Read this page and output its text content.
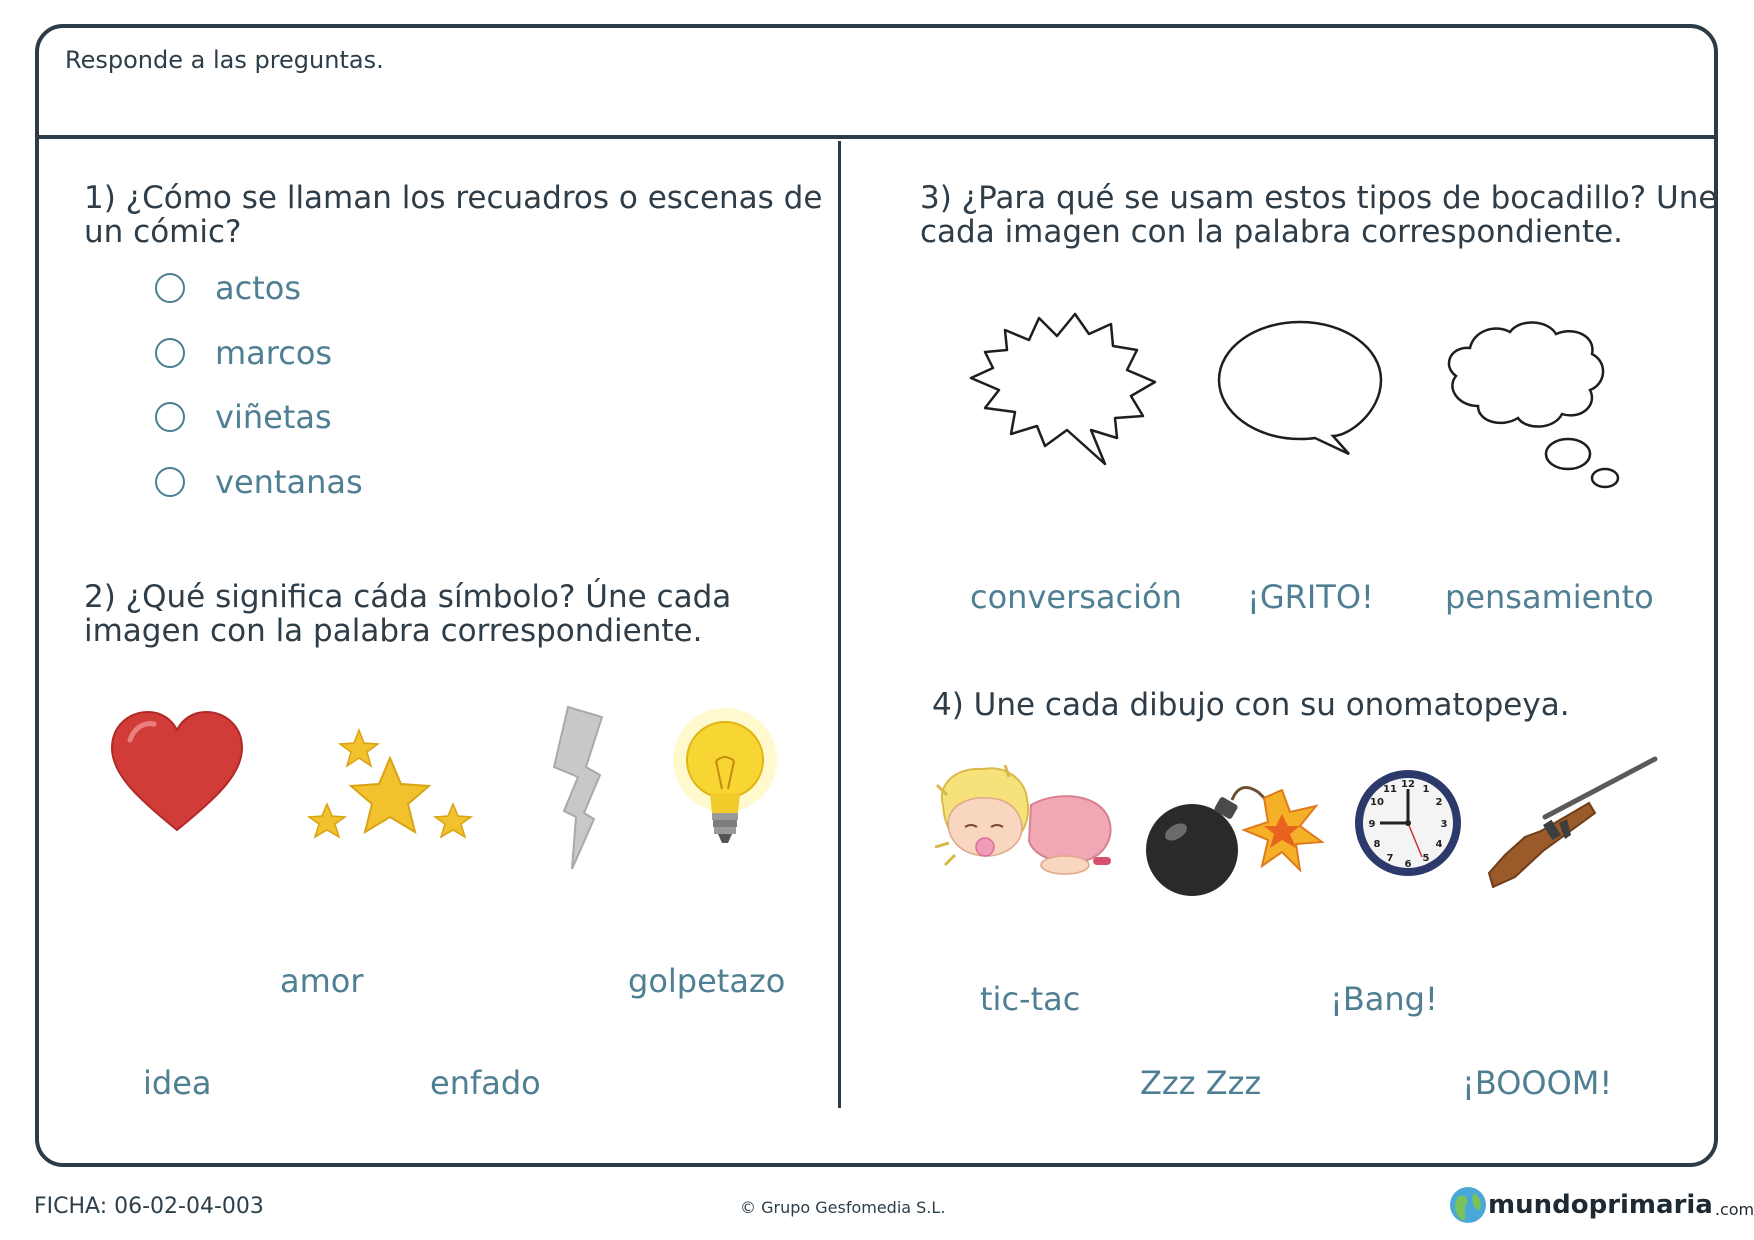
Responde a las preguntas.
1) ¿Cómo se llaman los recuadros o escenas de un cómic?
actos
marcos
viñetas
ventanas
2) ¿Qué significa cáda símbolo? Úne cada imagen con la palabra correspondiente.
amor	golpetazo
idea	enfado
3) ¿Para qué se usam estos tipos de bocadillo? Une cada imagen con la palabra correspondiente.
conversación ¡GRITO! pensamiento
4) Une cada dibujo con su onomatopeya.
12 1
2
3
4
5
6
7
8
9
10
11
tic-tac	¡Bang!
Zzz Zzz	¡BOOOM!
FICHA: 06-02-04-003	© Grupo Gesfomedia S.L.	mundoprimaria .com
